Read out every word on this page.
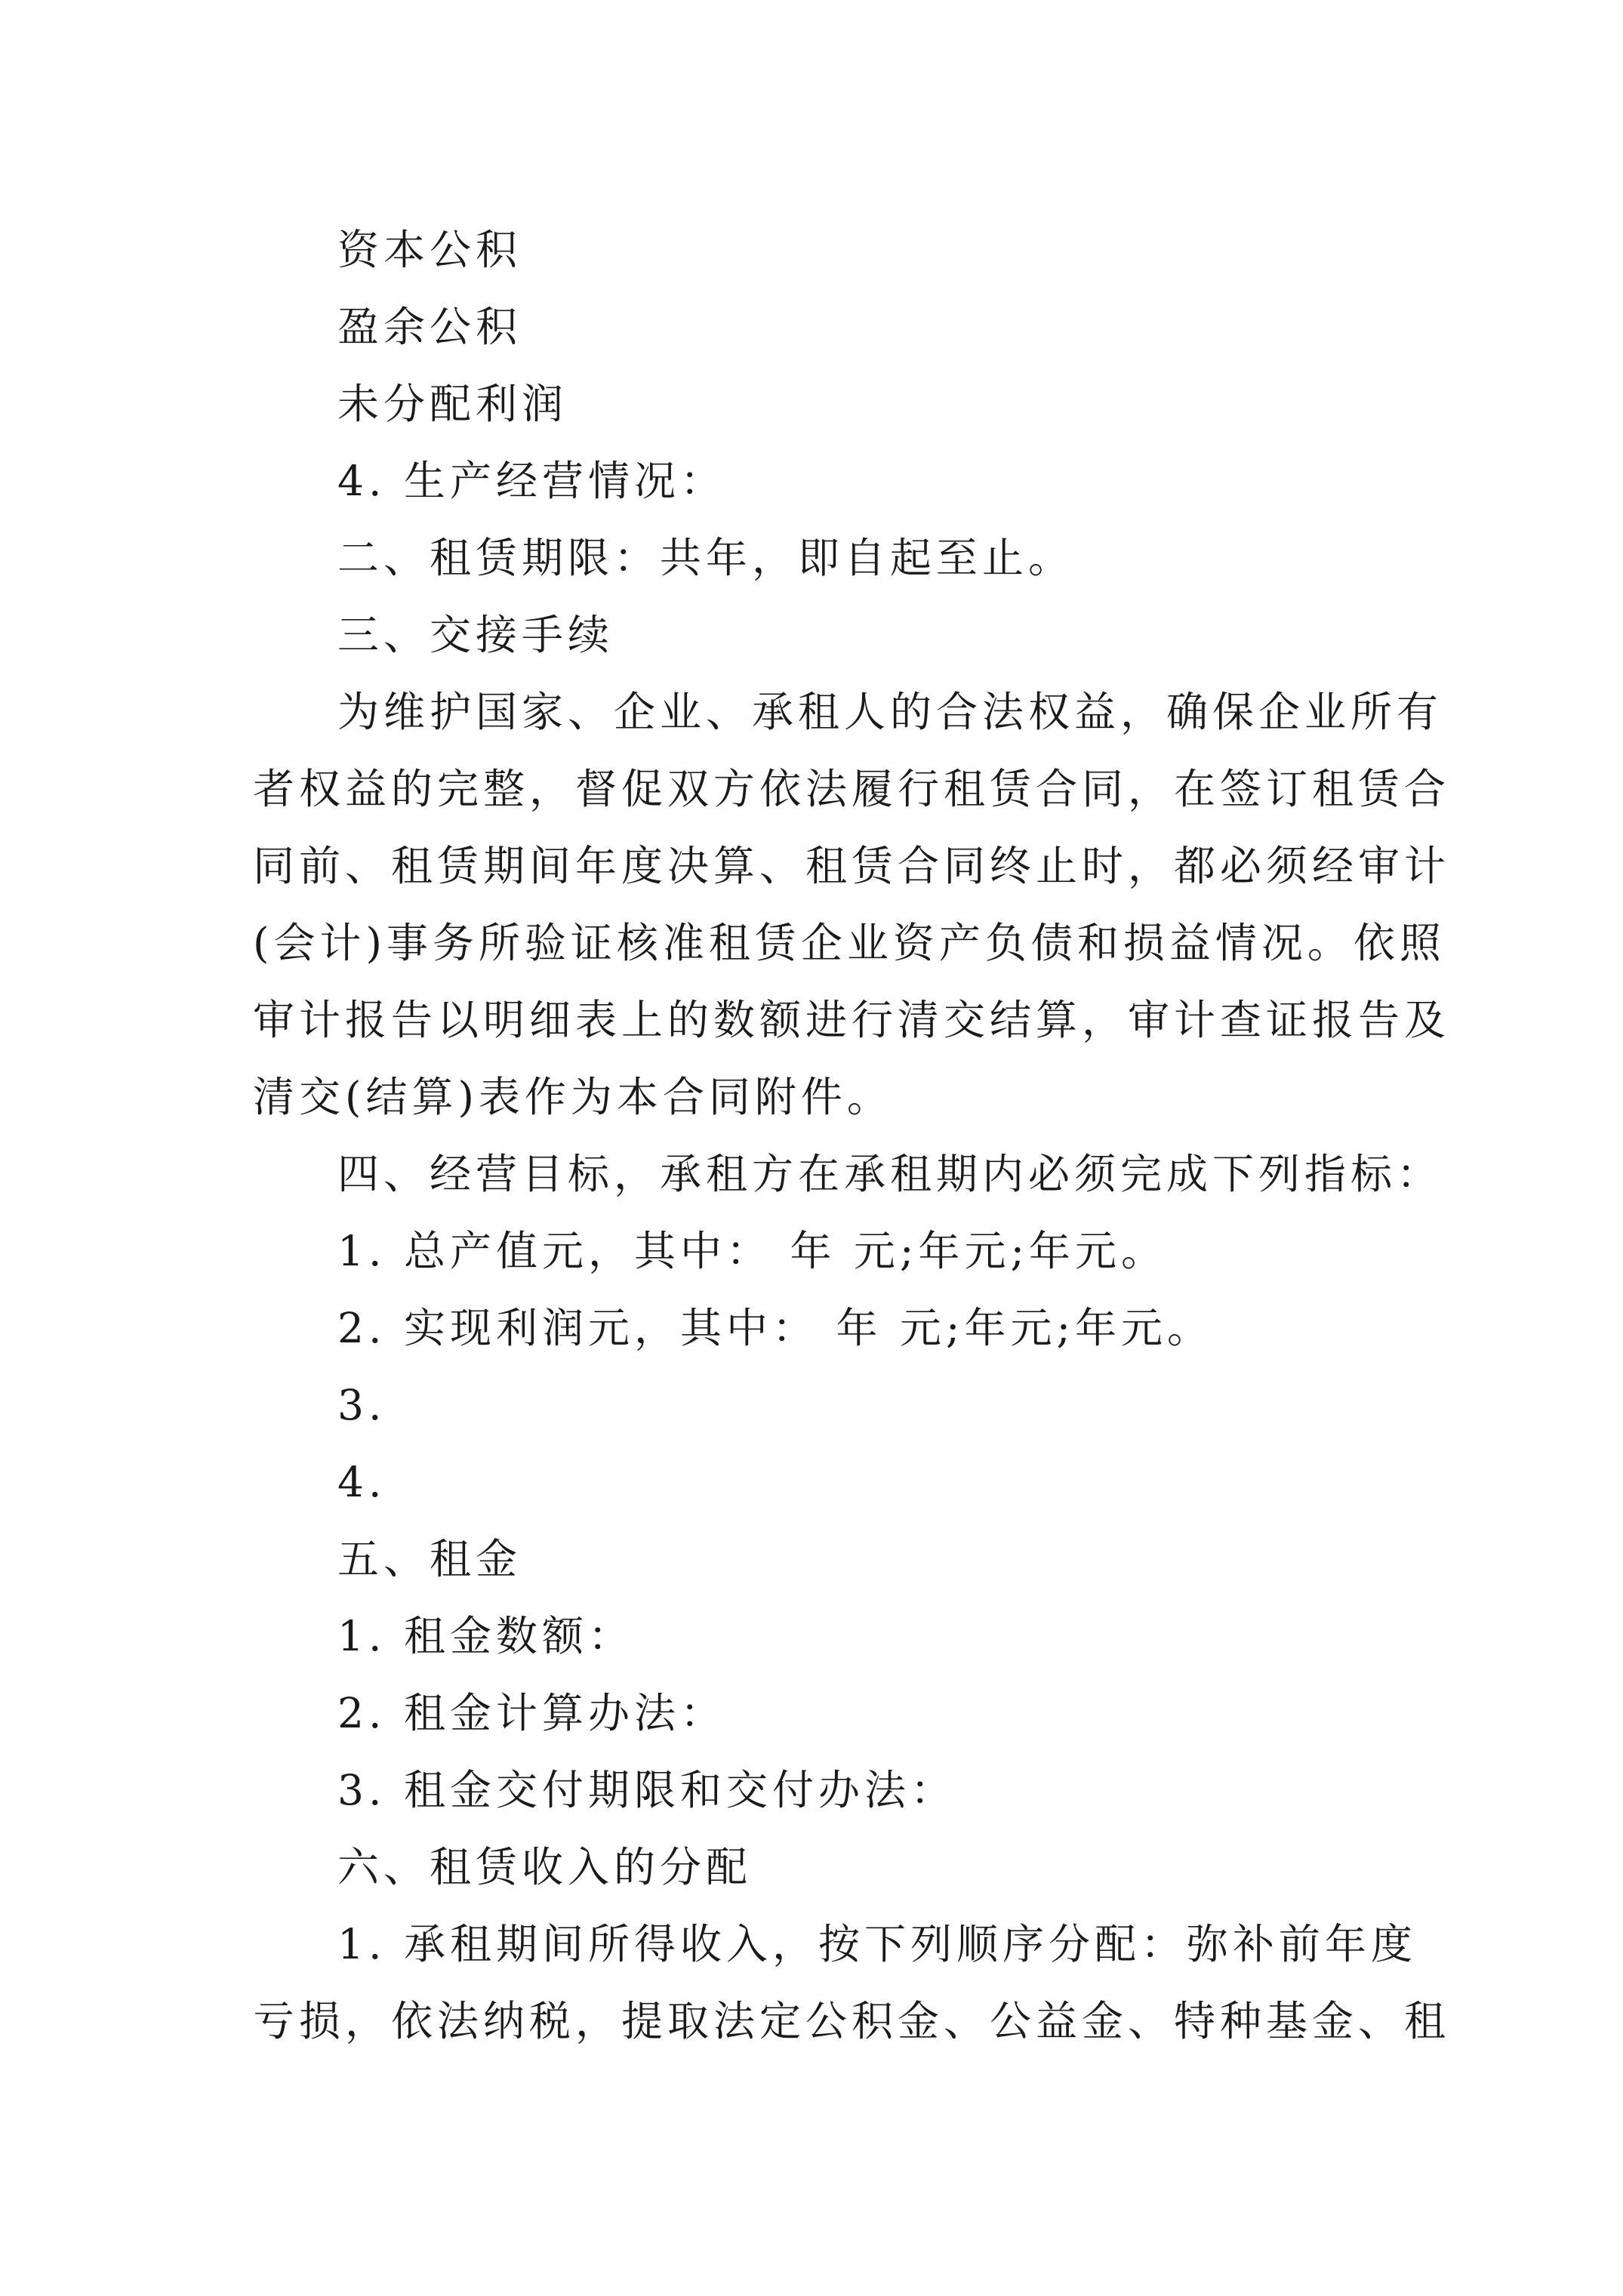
资本公积
盈余公积
未分配利润
4. 生产经营情况：
二、租赁期限：共年，即自起至止。
三、交接手续
为维护国家、企业、承租人的合法权益，确保企业所有
者权益的完整，督促双方依法履行租赁合同，在签订租赁合
同前、租赁期间年度决算、租赁合同终止时，都必须经审计
(会计)事务所验证核准租赁企业资产负债和损益情况。依照
审计报告以明细表上的数额进行清交结算，审计查证报告及
清交(结算)表作为本合同附件。
四、经营目标，承租方在承租期内必须完成下列指标：
1. 总产值元，其中： 年 元;年元;年元。
2. 实现利润元，其中： 年 元;年元;年元。
3.
4.
五、租金
1. 租金数额：
2. 租金计算办法：
3. 租金交付期限和交付办法：
六、租赁收入的分配
1. 承租期间所得收入，按下列顺序分配：弥补前年度
亏损，依法纳税，提取法定公积金、公益金、特种基金、租
